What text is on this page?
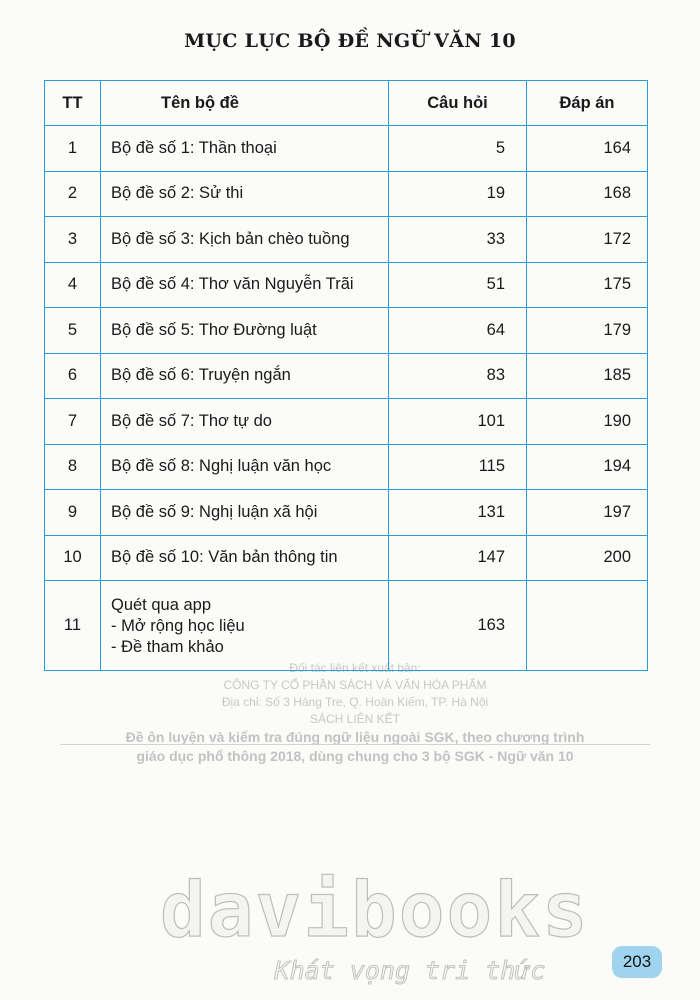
MỤC LỤC BỘ ĐỀ NGỮ VĂN 10
Đối tác liên kết xuất bản:
CÔNG TY CỔ PHẦN SÁCH VÀ VĂN HÓA PHẨM
Địa chỉ: Số 3 Hàng Tre, Q. Hoàn Kiếm, TP. Hà Nội
SÁCH LIÊN KẾT
Đề ôn luyện và kiểm tra đúng ngữ liệu ngoài SGK, theo chương trình
giáo dục phổ thông 2018, dùng chung cho 3 bộ SGK - Ngữ văn 10
TT	Tên bộ đề	Câu hỏi	Đáp án
1	Bộ đề số 1: Thần thoại	5	164
2	Bộ đề số 2: Sử thi	19	168
3	Bộ đề số 3: Kịch bản chèo tuồng	33	172
4	Bộ đề số 4: Thơ văn Nguyễn Trãi	51	175
5	Bộ đề số 5: Thơ Đường luật	64	179
6	Bộ đề số 6: Truyện ngắn	83	185
7	Bộ đề số 7: Thơ tự do	101	190
8	Bộ đề số 8: Nghị luận văn học	115	194
9	Bộ đề số 9: Nghị luận xã hội	131	197
10	Bộ đề số 10: Văn bản thông tin	147	200
11	Quét qua app
- Mở rộng học liệu
- Đề tham khảo	163	
davibooks
Khát vọng tri thức	203
